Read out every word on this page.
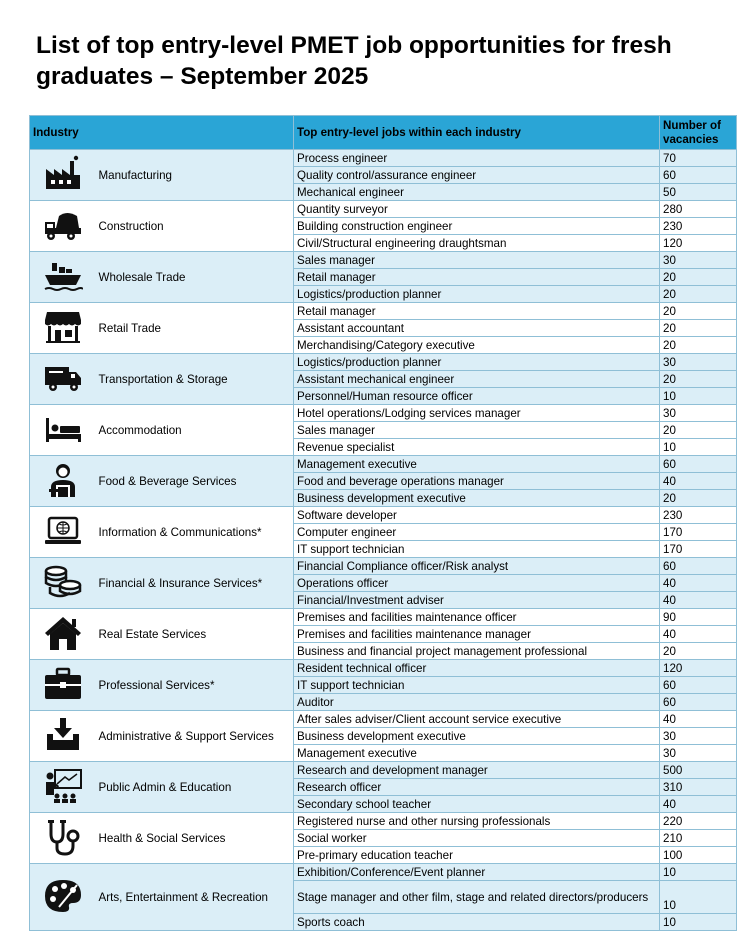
List of top entry-level PMET job opportunities for fresh graduates – September 2025
Industry		Top entry-level jobs within each industry	Number of vacancies

	Manufacturing	Process engineer	70
		Quality control/assurance engineer	60
		Mechanical engineer	50

	Construction	Quantity surveyor	280
		Building construction engineer	230
		Civil/Structural engineering draughtsman	120

	Wholesale Trade	Sales manager	30
		Retail manager	20
		Logistics/production planner	20

	Retail Trade	Retail manager	20
		Assistant accountant	20
		Merchandising/Category executive	20

	Transportation & Storage	Logistics/production planner	30
		Assistant mechanical engineer	20
		Personnel/Human resource officer	10

	Accommodation	Hotel operations/Lodging services manager	30
		Sales manager	20
		Revenue specialist	10

	Food & Beverage Services	Management executive	60
		Food and beverage operations manager	40
		Business development executive	20

	Information & Communications*	Software developer	230
		Computer engineer	170
		IT support technician	170

	Financial & Insurance Services*	Financial Compliance officer/Risk analyst	60
		Operations officer	40
		Financial/Investment adviser	40

	Real Estate Services	Premises and facilities maintenance officer	90
		Premises and facilities maintenance manager	40
		Business and financial project management professional	20

	Professional Services*	Resident technical officer	120
		IT support technician	60
		Auditor	60

	Administrative & Support Services	After sales adviser/Client account service executive	40
		Business development executive	30
		Management executive	30

	Public Admin & Education	Research and development manager	500
		Research officer	310
		Secondary school teacher	40

	Health & Social Services	Registered nurse and other nursing professionals	220
		Social worker	210
		Pre-primary education teacher	100

	Arts, Entertainment & Recreation	Exhibition/Conference/Event planner	10
		Stage manager and other film, stage and related directors/producers	10
		Sports coach	10
